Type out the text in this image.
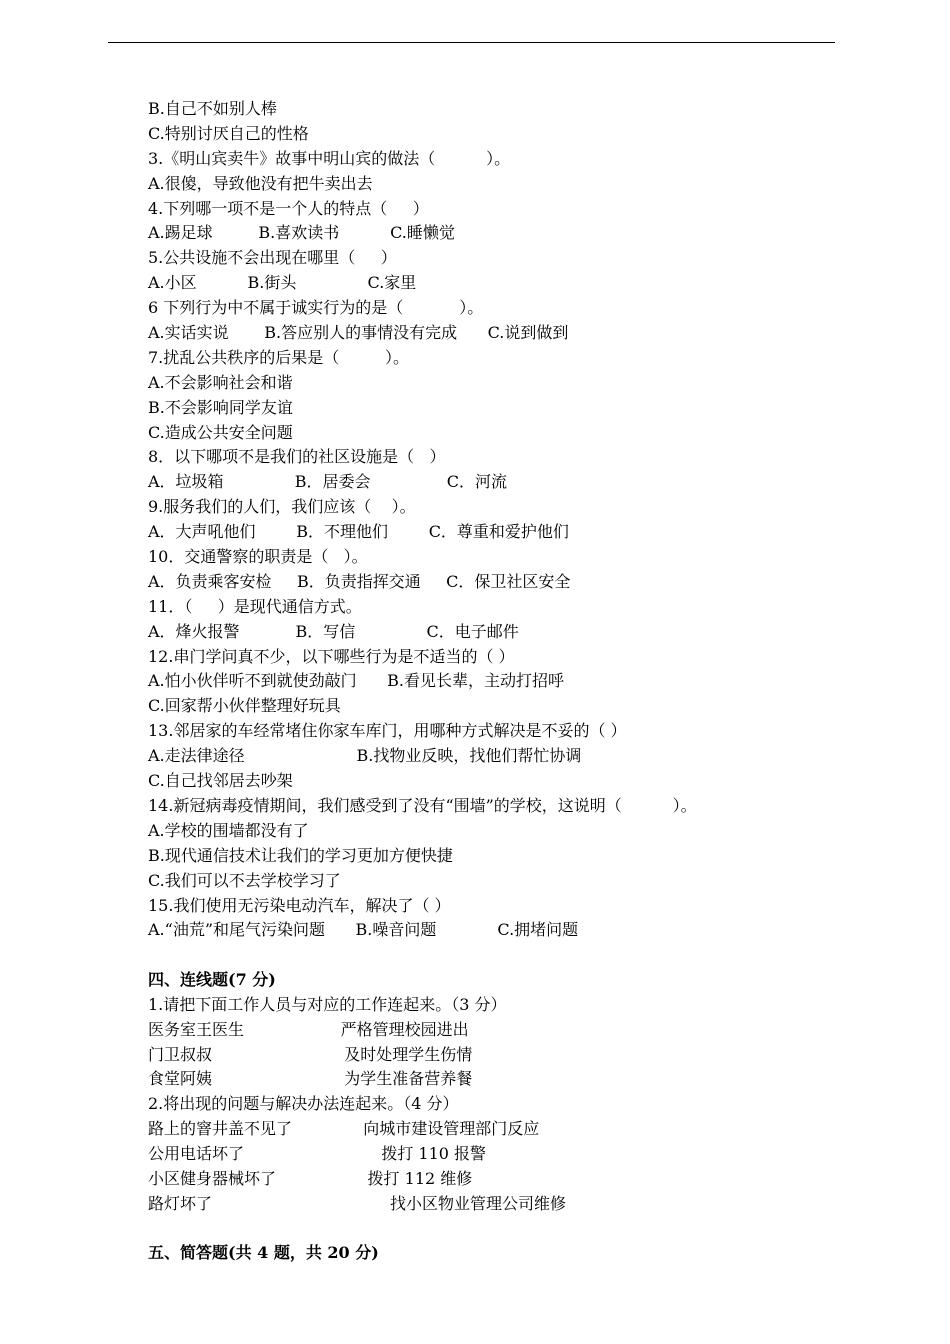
B.自己不如别人棒
C.特别讨厌自己的性格
3.《明山宾卖牛》故事中明山宾的做法（          ）。
A.很傻，导致他没有把牛卖出去
4.下列哪一项不是一个人的特点（     ）
A.踢足球         B.喜欢读书          C.睡懒觉
5.公共设施不会出现在哪里（     ）
A.小区          B.街头              C.家里
6 下列行为中不属于诚实行为的是（           ）。
A.实话实说       B.答应别人的事情没有完成      C.说到做到
7.扰乱公共秩序的后果是（         ）。
A.不会影响社会和谐
B.不会影响同学友谊
C.造成公共安全问题
8．以下哪项不是我们的社区设施是（   ）
A．垃圾箱              B．居委会               C．河流
9.服务我们的人们，我们应该（    ）。
A．大声吼他们        B．不理他们        C．尊重和爱护他们
10．交通警察的职责是（   ）。
A．负责乘客安检     B．负责指挥交通     C．保卫社区安全
11．（     ）是现代通信方式。
A．烽火报警           B．写信              C．电子邮件
12.串门学问真不少，以下哪些行为是不适当的（ ）
A.怕小伙伴听不到就使劲敲门      B.看见长辈，主动打招呼
C.回家帮小伙伴整理好玩具
13.邻居家的车经常堵住你家车库门，用哪种方式解决是不妥的（ ）
A.走法律途径                      B.找物业反映，找他们帮忙协调
C.自己找邻居去吵架
14.新冠病毒疫情期间，我们感受到了没有“围墙”的学校，这说明（          ）。
A.学校的围墙都没有了
B.现代通信技术让我们的学习更加方便快捷
C.我们可以不去学校学习了
15.我们使用无污染电动汽车，解决了（ ）
A.“油荒”和尾气污染问题      B.噪音问题            C.拥堵问题
四、连线题(7 分)
1.请把下面工作人员与对应的工作连起来。（3 分）
医务室王医生                   严格管理校园进出
门卫叔叔                          及时处理学生伤情
食堂阿姨                          为学生准备营养餐
2.将出现的问题与解决办法连起来。（4 分）
路上的窨井盖不见了              向城市建设管理部门反应
公用电话坏了                           拨打 110 报警
小区健身器械坏了                  拨打 112 维修
路灯坏了                                   找小区物业管理公司维修
五、简答题(共 4 题，共 20 分)
